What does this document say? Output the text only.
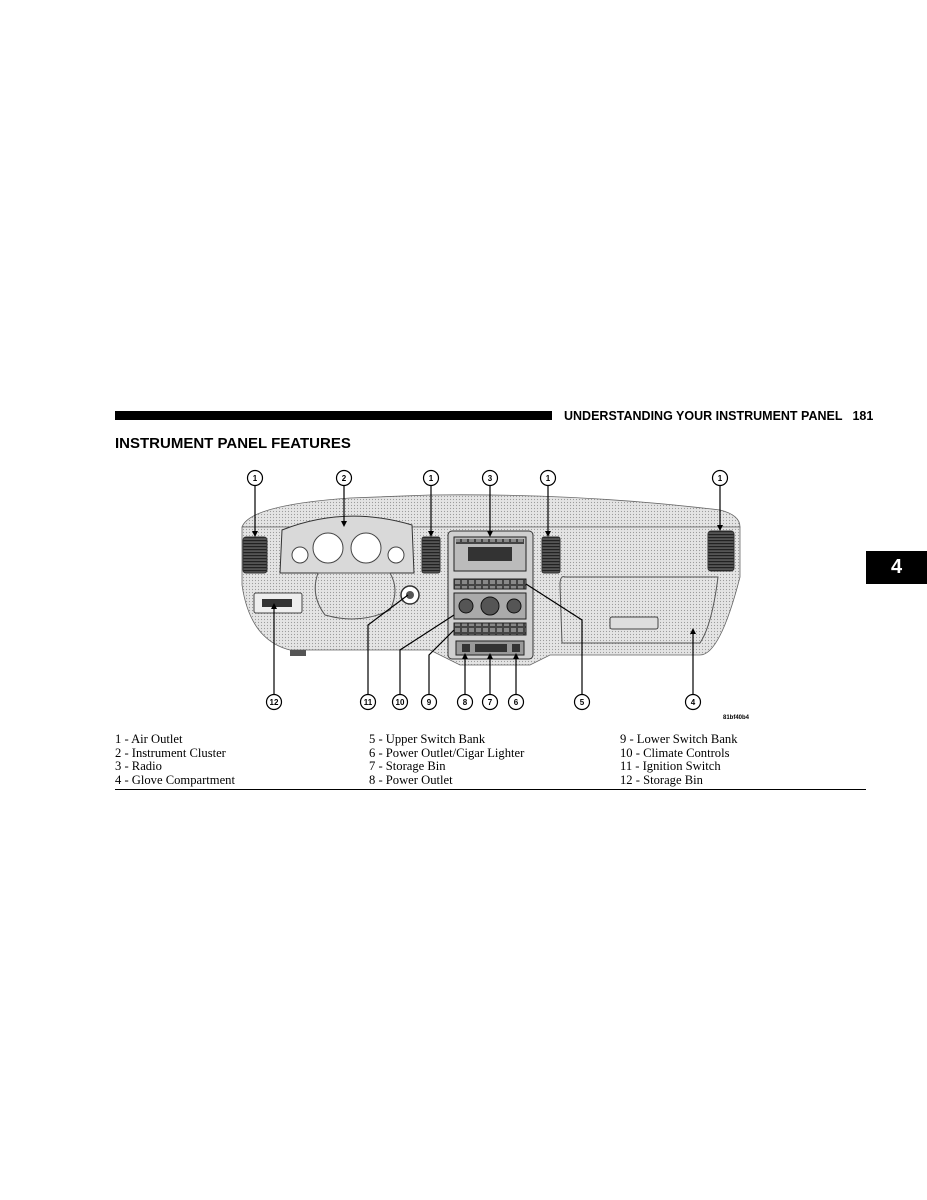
UNDERSTANDING YOUR INSTRUMENT PANEL 181
INSTRUMENT PANEL FEATURES
4
1	2	1	3	1	1
12	11	10	9	8	7	6	5	4
81bf40b4
1 - Air Outlet
2 - Instrument Cluster
3 - Radio
4 - Glove Compartment
5 - Upper Switch Bank
6 - Power Outlet/Cigar Lighter
7 - Storage Bin
8 - Power Outlet
9 - Lower Switch Bank
10 - Climate Controls
11 - Ignition Switch
12 - Storage Bin
